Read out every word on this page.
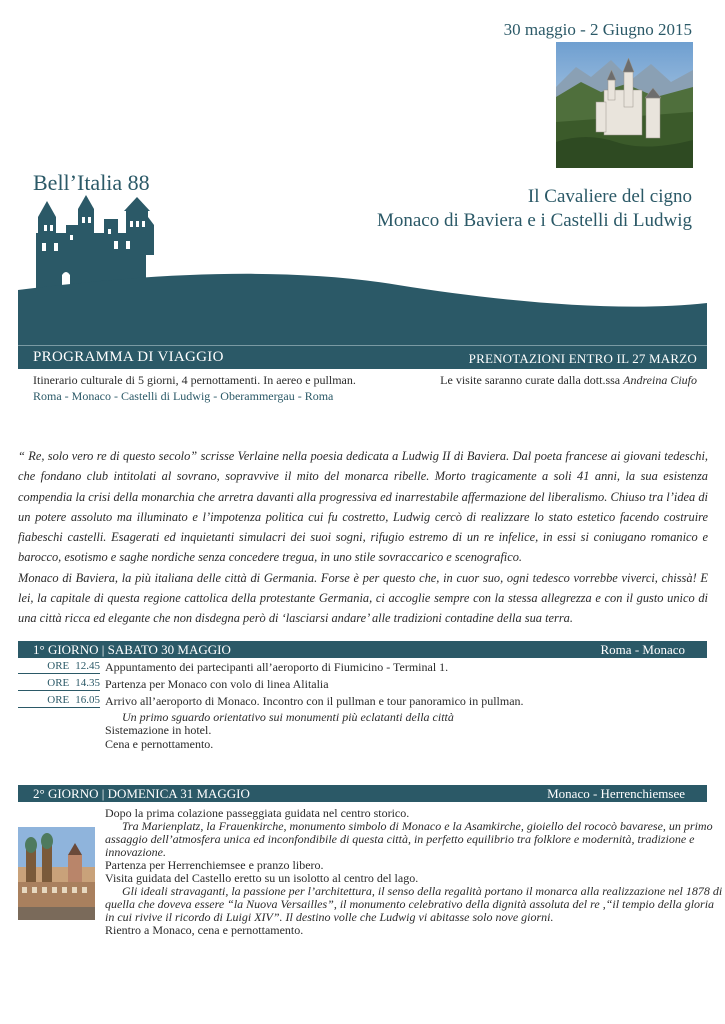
30 maggio - 2 Giugno 2015
Bell’Italia 88
Il Cavaliere del cigno
Monaco di Baviera e i Castelli di Ludwig
PROGRAMMA DI VIAGGIO	PRENOTAZIONI ENTRO IL 27 MARZO
Itinerario culturale di 5 giorni, 4 pernottamenti. In aereo e pullman.
Roma - Monaco - Castelli di Ludwig - Oberammergau - Roma
Le visite saranno curate dalla dott.ssa Andreina Ciufo

“ Re, solo vero re di questo secolo” scrisse Verlaine nella poesia dedicata a Ludwig II di Baviera. Dal poeta francese ai giovani tedeschi, che fondano club intitolati al sovrano, sopravvive il mito del monarca ribelle. Morto tragicamente a soli 41 anni, la sua esistenza compendia la crisi della monarchia che arretra davanti alla progressiva ed inarrestabile affermazione del liberalismo. Chiuso tra l’idea di un potere assoluto ma illuminato e l’impotenza politica cui fu costretto, Ludwig cercò di realizzare lo stato estetico facendo costruire fiabeschi castelli. Esagerati ed inquietanti simulacri dei suoi sogni, rifugio estremo di un re infelice, in essi si coniugano romanico e barocco, esotismo e saghe nordiche senza concedere tregua, in uno stile sovraccarico e scenografico.

Monaco di Baviera, la più italiana delle città di Germania. Forse è per questo che, in cuor suo, ogni tedesco vorrebbe viverci, chissà! E lei, la capitale di questa regione cattolica della protestante Germania, ci accoglie sempre con la stessa allegrezza e con il gusto unico di una città ricca ed elegante che non disdegna però di ‘lasciarsi andare’ alle tradizioni contadine della sua terra.

1° GIORNO | SABATO 30 MAGGIO	Roma - Monaco
ORE 12.45 Appuntamento dei partecipanti all’aeroporto di Fiumicino - Terminal 1.
ORE 14.35 Partenza per Monaco con volo di linea Alitalia
ORE 16.05 Arrivo all’aeroporto di Monaco. Incontro con il pullman e tour panoramico in pullman.
Un primo sguardo orientativo sui monumenti più eclatanti della città
Sistemazione in hotel.
Cena e pernottamento.
2° GIORNO | DOMENICA 31 MAGGIO	Monaco - Herrenchiemsee
Dopo la prima colazione passeggiata guidata nel centro storico.
Tra Marienplatz, la Frauenkirche, monumento simbolo di Monaco e la Asamkirche, gioiello del rococò bavarese, un primo
assaggio dell’atmosfera unica ed inconfondibile di questa città, in perfetto equilibrio tra folklore e modernità, tradizione e
innovazione.
Partenza per Herrenchiemsee e pranzo libero.
Visita guidata del Castello eretto su un isolotto al centro del lago.
Gli ideali stravaganti, la passione per l’architettura, il senso della regalità portano il monarca alla realizzazione nel 1878 di
quella che doveva essere “la Nuova Versailles”, il monumento celebrativo della dignità assoluta del re ,“il tempio della gloria
in cui rivive il ricordo di Luigi XIV”. Il destino volle che Ludwig vi abitasse solo nove giorni.
Rientro a Monaco, cena e pernottamento.
